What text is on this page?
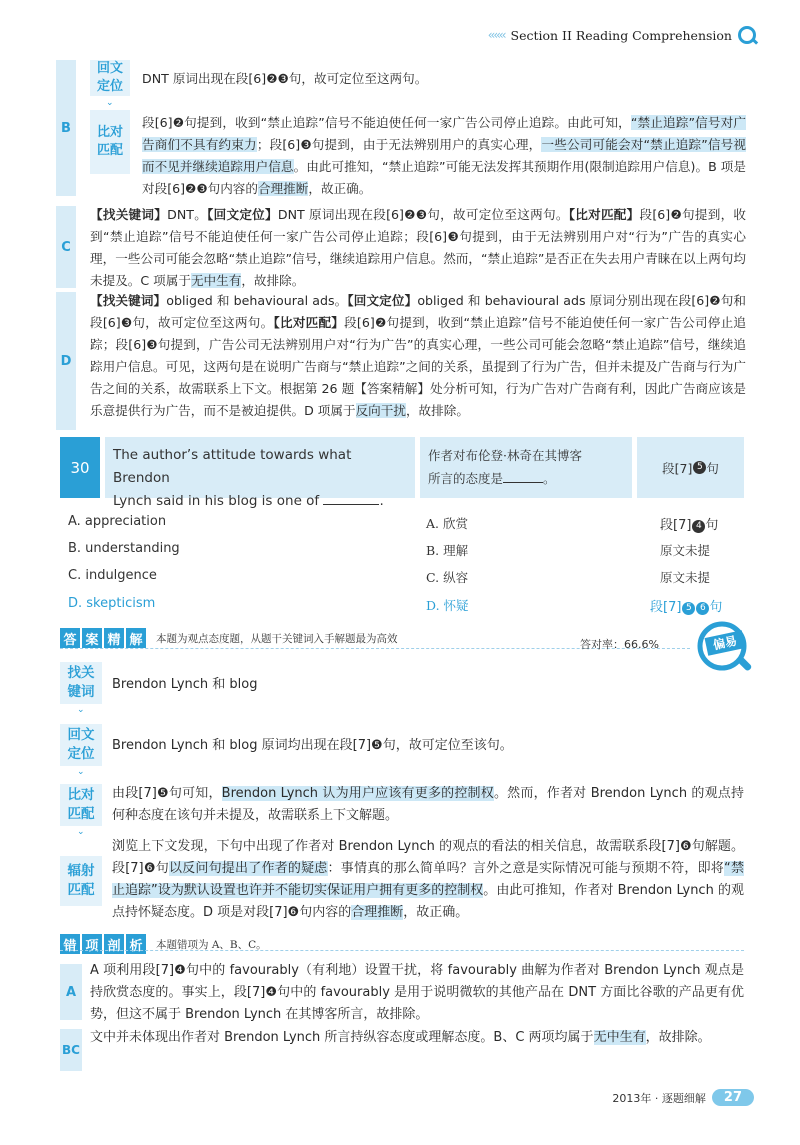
‹‹‹‹‹‹ Section II Reading Comprehension
B
回文
定位
⌄
DNT 原词出现在段[6]❷❸句，故可定位至这两句。
比对
匹配
段[6]❷句提到，收到“禁止追踪”信号不能迫使任何一家广告公司停止追踪。由此可知，“禁止追踪”信号对广告商们不具有约束力；段[6]❸句提到，由于无法辨别用户的真实心理，一些公司可能会对“禁止追踪”信号视而不见并继续追踪用户信息。由此可推知，“禁止追踪”可能无法发挥其预期作用(限制追踪用户信息)。B 项是对段[6]❷❸句内容的合理推断，故正确。
C
【找关键词】DNT。【回文定位】DNT 原词出现在段[6]❷❸句，故可定位至这两句。【比对匹配】段[6]❷句提到，收到“禁止追踪”信号不能迫使任何一家广告公司停止追踪；段[6]❸句提到，由于无法辨别用户对“行为”广告的真实心理，一些公司可能会忽略“禁止追踪”信号，继续追踪用户信息。然而，“禁止追踪”是否正在失去用户青睐在以上两句均未提及。C 项属于无中生有，故排除。
D
【找关键词】obliged 和 behavioural ads。【回文定位】obliged 和 behavioural ads 原词分别出现在段[6]❷句和段[6]❸句，故可定位至这两句。【比对匹配】段[6]❷句提到，收到“禁止追踪”信号不能迫使任何一家广告公司停止追踪；段[6]❸句提到，广告公司无法辨别用户对“行为广告”的真实心理，一些公司可能会忽略“禁止追踪”信号，继续追踪用户信息。可见，这两句是在说明广告商与“禁止追踪”之间的关系，虽提到了行为广告，但并未提及广告商与行为广告之间的关系，故需联系上下文。根据第 26 题【答案精解】处分析可知，行为广告对广告商有利，因此广告商应该是乐意提供行为广告，而不是被迫提供。D 项属于反向干扰，故排除。
30
The author’s attitude towards what Brendon
Lynch said in his blog is one of	.
作者对布伦登·林奇在其博客
所言的态度是	。
段[7] 5 句
A. appreciation	A. 欣赏	段[7] 4 句
B. understanding	B. 理解	原文未提
C. indulgence	C. 纵容	原文未提
D. skepticism	D. 怀疑	段[7] 5 6 句
答 案 精 解	本题为观点态度题，从题干关键词入手解题最为高效	答对率：66.6%	偏易
找关
键词
⌄
Brendon Lynch 和 blog
回文
定位
⌄
Brendon Lynch 和 blog 原词均出现在段[7]❺句，故可定位至该句。
比对
匹配
⌄
由段[7]❺句可知，Brendon Lynch 认为用户应该有更多的控制权。然而，作者对 Brendon Lynch 的观点持何种态度在该句并未提及，故需联系上下文解题。
辐射
匹配
浏览上下文发现，下句中出现了作者对 Brendon Lynch 的观点的看法的相关信息，故需联系段[7]❻句解题。段[7]❻句以反问句提出了作者的疑虑：事情真的那么简单吗？言外之意是实际情况可能与预期不符，即将“禁止追踪”设为默认设置也许并不能切实保证用户拥有更多的控制权。由此可推知，作者对 Brendon Lynch 的观点持怀疑态度。D 项是对段[7]❻句内容的合理推断，故正确。
错 项 剖 析	本题错项为 A、B、C。
A
A 项利用段[7]❹句中的 favourably（有利地）设置干扰，将 favourably 曲解为作者对 Brendon Lynch 观点是持欣赏态度的。事实上，段[7]❹句中的 favourably 是用于说明微软的其他产品在 DNT 方面比谷歌的产品更有优势，但这不属于 Brendon Lynch 在其博客所言，故排除。
BC
文中并未体现出作者对 Brendon Lynch 所言持纵容态度或理解态度。B、C 两项均属于无中生有，故排除。
2013年 · 逐题细解	27
